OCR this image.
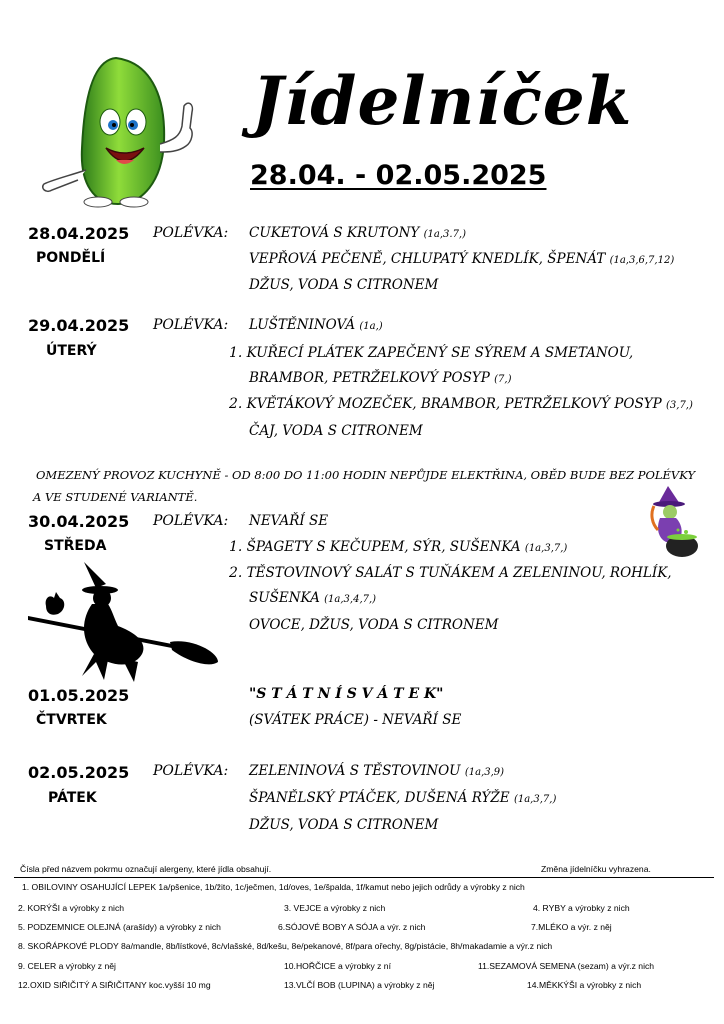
Jídelníček
28.04. - 02.05.2025
28.04.2025
PONDĚLÍ
POLÉVKA: CUKETOVÁ S KRUTONY (1a,3.7,)
VEPŘOVÁ PEČENĚ, CHLUPATÝ KNEDLÍK, ŠPENÁT (1a,3,6,7,12)
DŽUS, VODA S CITRONEM
29.04.2025
ÚTERÝ
POLÉVKA: LUŠTĚNINOVÁ (1a,)
1. KUŘECÍ PLÁTEK ZAPEČENÝ SE SÝREM A SMETANOU,
BRAMBOR, PETRŽELKOVÝ POSYP (7,)
2. KVĚTÁKOVÝ MOZEČEK, BRAMBOR, PETRŽELKOVÝ POSYP (3,7,)
ČAJ, VODA S CITRONEM
OMEZENÝ PROVOZ KUCHYNĚ - OD 8:00 DO 11:00 HODIN NEPŮJDE ELEKTŘINA, OBĚD BUDE BEZ POLÉVKY
A VE STUDENÉ VARIANTĚ.
30.04.2025
STŘEDA
POLÉVKA: NEVAŘÍ SE
1. ŠPAGETY S KEČUPEM, SÝR, SUŠENKA (1a,3,7,)
2. TĚSTOVINOVÝ SALÁT S TUŇÁKEM A ZELENINOU, ROHLÍK,
SUŠENKA (1a,3,4,7,)
OVOCE, DŽUS, VODA S CITRONEM
01.05.2025
ČTVRTEK
"S T Á T N Í S V Á T E K"
(SVÁTEK PRÁCE) - NEVAŘÍ SE
02.05.2025
PÁTEK
POLÉVKA: ZELENINOVÁ S TĚSTOVINOU (1a,3,9)
ŠPANĚLSKÝ PTÁČEK, DUŠENÁ RÝŽE (1a,3,7,)
DŽUS, VODA S CITRONEM
Čísla před názvem pokrmu označují alergeny, které jídla obsahují.	Změna jídelníčku vyhrazena.
1. OBILOVINY OSAHUJÍCÍ LEPEK 1a/pšenice, 1b/žito, 1c/ječmen, 1d/oves, 1e/špalda, 1f/kamut nebo jejich odrůdy a výrobky z nich
2. KORÝŠI a výrobky z nich	3. VEJCE a výrobky z nich	4. RYBY a výrobky z nich
5. PODZEMNICE OLEJNÁ (arašídy) a výrobky z nich	6.SÓJOVÉ BOBY A SÓJA a výr. z nich	7.MLÉKO a výr. z něj
8. SKOŘÁPKOVÉ PLODY 8a/mandle, 8b/lístkové, 8c/vlašské, 8d/kešu, 8e/pekanové, 8f/para ořechy, 8g/pistácie, 8h/makadamie a výr.z nich
9. CELER a výrobky z něj	10.HOŘČICE a výrobky z ní	11.SEZAMOVÁ SEMENA (sezam) a výr.z nich
12.OXID SIŘIČITÝ A SIŘIČITANY koc.vyšší 10 mg	13.VLČÍ BOB (LUPINA) a výrobky z něj	14.MĚKKÝŠI a výrobky z nich
